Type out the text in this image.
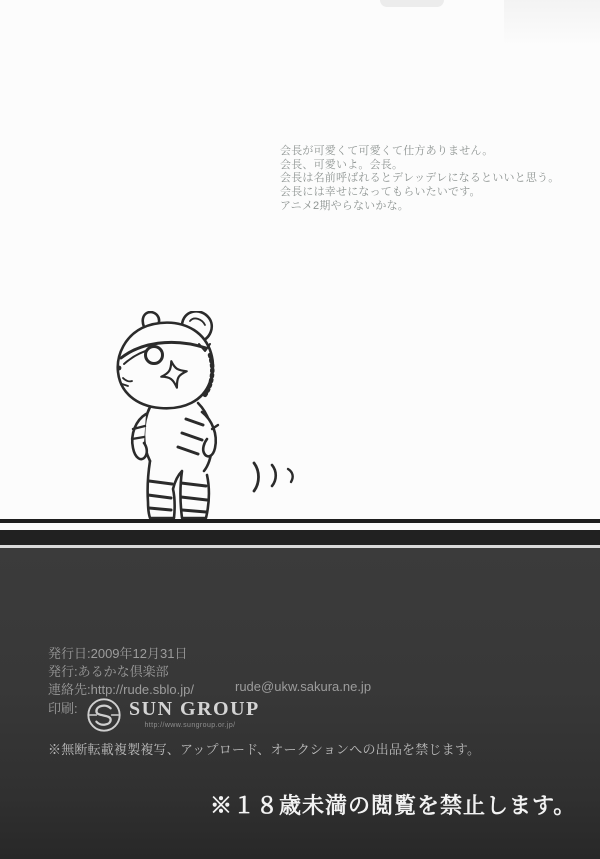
会長が可愛くて可愛くて仕方ありません。
会長、可愛いよ。会長。
会長は名前呼ばれるとデレッデレになるといいと思う。
会長には幸せになってもらいたいです。
アニメ2期やらないかな。
発行日:2009年12月31日
発行:あるかな倶楽部
連絡先:http://rude.sblo.jp/	rude@ukw.sakura.ne.jp
印刷:	SUN GROUP
http://www.sungroup.or.jp/
※無断転載複製複写、アップロード、オークションへの出品を禁じます。
※１８歳未満の閲覧を禁止します。
